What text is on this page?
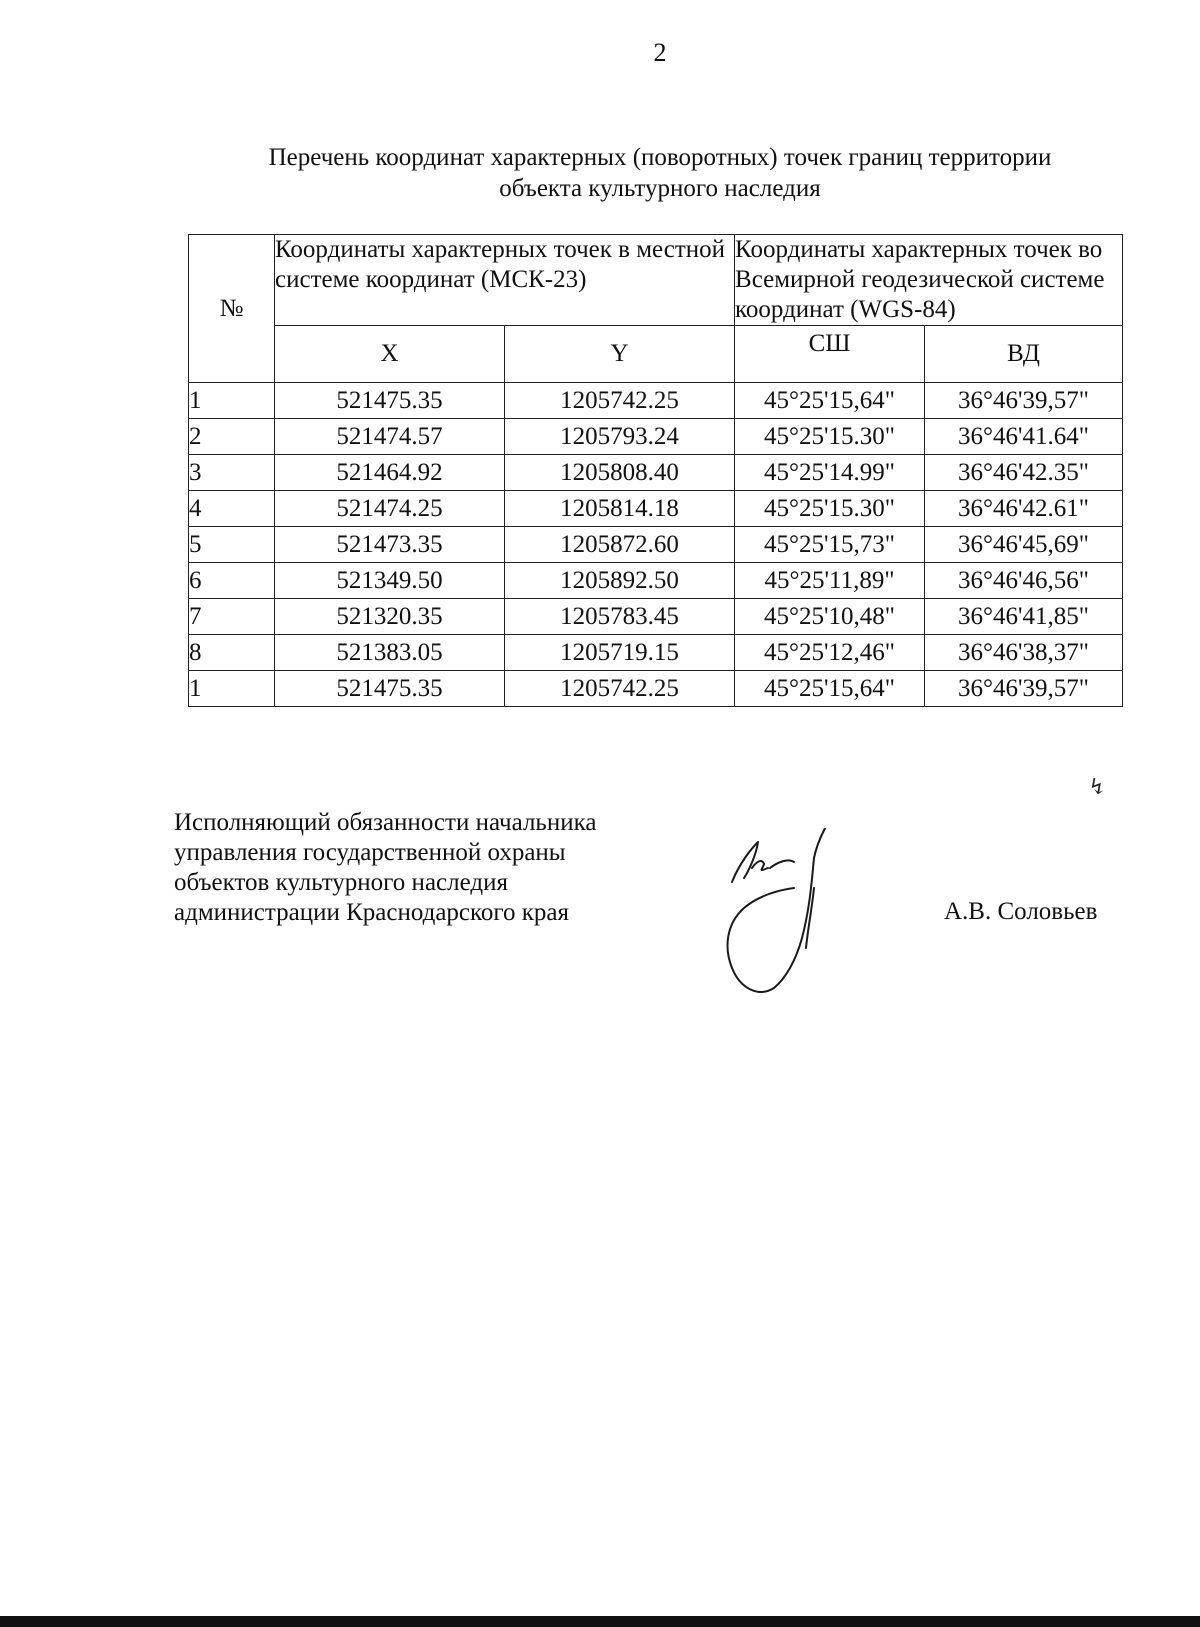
2
Перечень координат характерных (поворотных) точек границ территории
объекта культурного наследия
№	Координаты характерных точек в местной системе координат (МСК-23)		Координаты характерных точек во Всемирной геодезической системе координат (WGS-84)	
	X	Y	СШ	ВД
1	521475.35	1205742.25	45°25'15,64"	36°46'39,57"
2	521474.57	1205793.24	45°25'15.30"	36°46'41.64"
3	521464.92	1205808.40	45°25'14.99"	36°46'42.35"
4	521474.25	1205814.18	45°25'15.30"	36°46'42.61"
5	521473.35	1205872.60	45°25'15,73"	36°46'45,69"
6	521349.50	1205892.50	45°25'11,89"	36°46'46,56"
7	521320.35	1205783.45	45°25'10,48"	36°46'41,85"
8	521383.05	1205719.15	45°25'12,46"	36°46'38,37"
1	521475.35	1205742.25	45°25'15,64"	36°46'39,57"
↯
Исполняющий обязанности начальника
управления государственной охраны
объектов культурного наследия
администрации Краснодарского края	А.В. Соловьев
